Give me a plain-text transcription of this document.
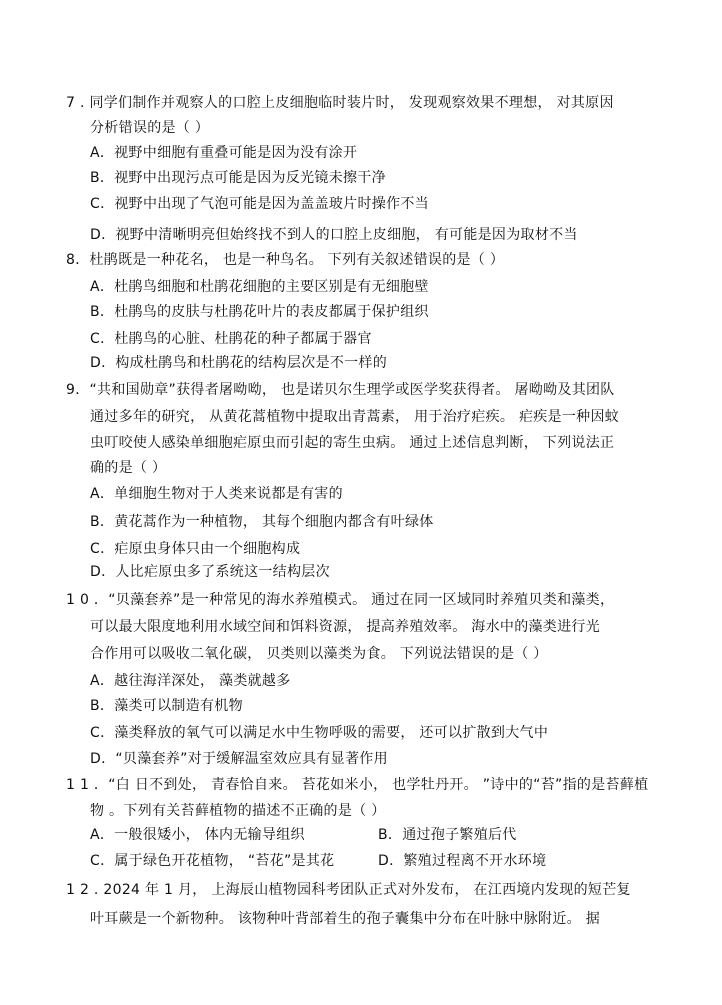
7 . 同学们制作并观察人的口腔上皮细胞临时装片时， 发现观察效果不理想， 对其原因
分析错误的是（ ）
A．视野中细胞有重叠可能是因为没有涂开
B．视野中出现污点可能是因为反光镜未擦干净
C．视野中出现了气泡可能是因为盖盖玻片时操作不当
D．视野中清晰明亮但始终找不到人的口腔上皮细胞， 有可能是因为取材不当
8．杜鹃既是一种花名， 也是一种鸟名。 下列有关叙述错误的是（ ）
A．杜鹃鸟细胞和杜鹃花细胞的主要区别是有无细胞壁
B．杜鹃鸟的皮肤与杜鹃花叶片的表皮都属于保护组织
C．杜鹃鸟的心脏、杜鹃花的种子都属于器官
D．构成杜鹃鸟和杜鹃花的结构层次是不一样的
9．“共和国勋章”获得者屠呦呦， 也是诺贝尔生理学或医学奖获得者。 屠呦呦及其团队
通过多年的研究， 从黄花蒿植物中提取出青蒿素， 用于治疗疟疾。 疟疾是一种因蚊
虫叮咬使人感染单细胞疟原虫而引起的寄生虫病。 通过上述信息判断， 下列说法正
确的是（ ）
A．单细胞生物对于人类来说都是有害的
B．黄花蒿作为一种植物， 其每个细胞内都含有叶绿体
C．疟原虫身体只由一个细胞构成
D．人比疟原虫多了系统这一结构层次
1 0 ．“贝藻套养”是一种常见的海水养殖模式。 通过在同一区域同时养殖贝类和藻类，
可以最大限度地利用水域空间和饵料资源， 提高养殖效率。 海水中的藻类进行光
合作用可以吸收二氧化碳， 贝类则以藻类为食。 下列说法错误的是（ ）
A．越往海洋深处， 藻类就越多
B．藻类可以制造有机物
C．藻类释放的氧气可以满足水中生物呼吸的需要， 还可以扩散到大气中
D．“贝藻套养”对于缓解温室效应具有显著作用
1 1 ．“白 日不到处， 青春恰自来。 苔花如米小， 也学牡丹开。 ”诗中的“苔”指的是苔藓植
物 。下列有关苔藓植物的描述不正确的是（ ）
A．一般很矮小， 体内无输导组织	B．通过孢子繁殖后代
C．属于绿色开花植物， “苔花”是其花	D．繁殖过程离不开水环境
1 2 . 2024 年 1 月， 上海辰山植物园科考团队正式对外发布， 在江西境内发现的短芒复
叶耳蕨是一个新物种。 该物种叶背部着生的孢子囊集中分布在叶脉中脉附近。 据
